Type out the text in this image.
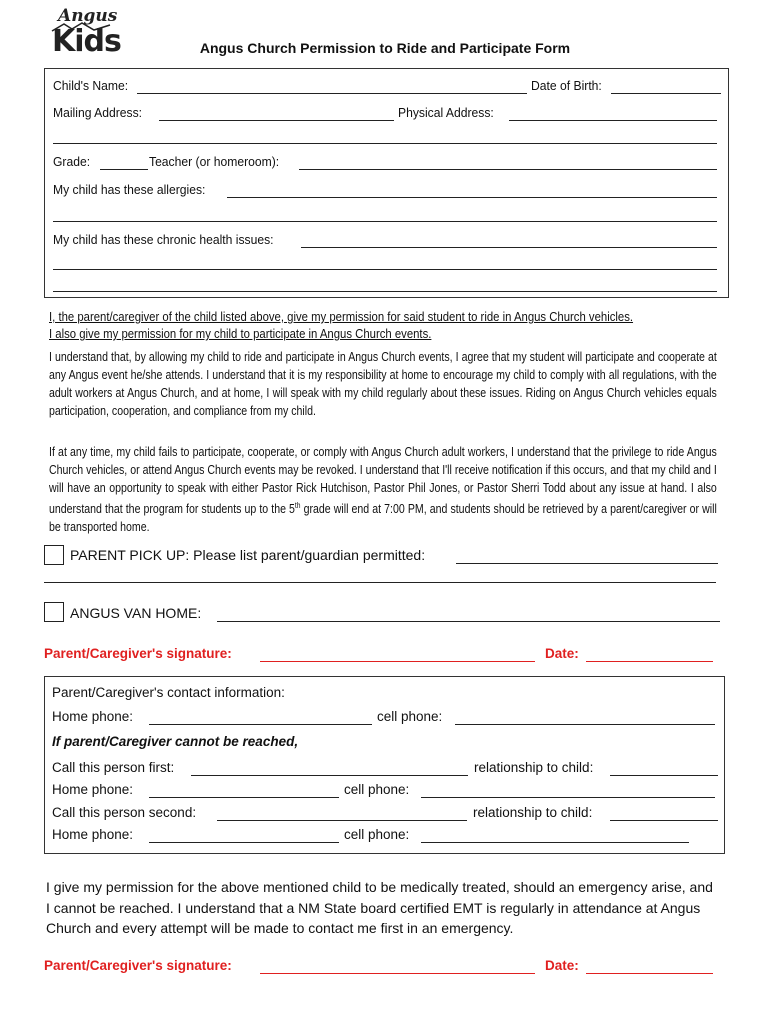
Angus
Kids	Angus Church Permission to Ride and Participate Form
Child's Name:	Date of Birth:
Mailing Address:	Physical Address:
Grade:	Teacher (or homeroom):
My child has these allergies:
My child has these chronic health issues:
I, the parent/caregiver of the child listed above, give my permission for said student to ride in Angus Church vehicles.
I also give my permission for my child to participate in Angus Church events.
I understand that, by allowing my child to ride and participate in Angus Church events, I agree that my student will participate and cooperate at any Angus event he/she attends. I understand that it is my responsibility at home to encourage my child to comply with all regulations, with the adult workers at Angus Church, and at home, I will speak with my child regularly about these issues. Riding on Angus Church vehicles equals participation, cooperation, and compliance from my child.
If at any time, my child fails to participate, cooperate, or comply with Angus Church adult workers, I understand that the privilege to ride Angus Church vehicles, or attend Angus Church events may be revoked. I understand that I'll receive notification if this occurs, and that my child and I will have an opportunity to speak with either Pastor Rick Hutchison, Pastor Phil Jones, or Pastor Sherri Todd about any issue at hand. I also understand that the program for students up to the 5th grade will end at 7:00 PM, and students should be retrieved by a parent/caregiver or will be transported home.
PARENT PICK UP: Please list parent/guardian permitted:
ANGUS VAN HOME:
Parent/Caregiver's signature:	Date:
Parent/Caregiver's contact information:
Home phone:	cell phone:
If parent/Caregiver cannot be reached,
Call this person first:	relationship to child:
Home phone:	cell phone:
Call this person second:	relationship to child:
Home phone:	cell phone:
I give my permission for the above mentioned child to be medically treated, should an emergency arise, and I cannot be reached. I understand that a NM State board certified EMT is regularly in attendance at Angus Church and every attempt will be made to contact me first in an emergency.
Parent/Caregiver's signature:	Date:
